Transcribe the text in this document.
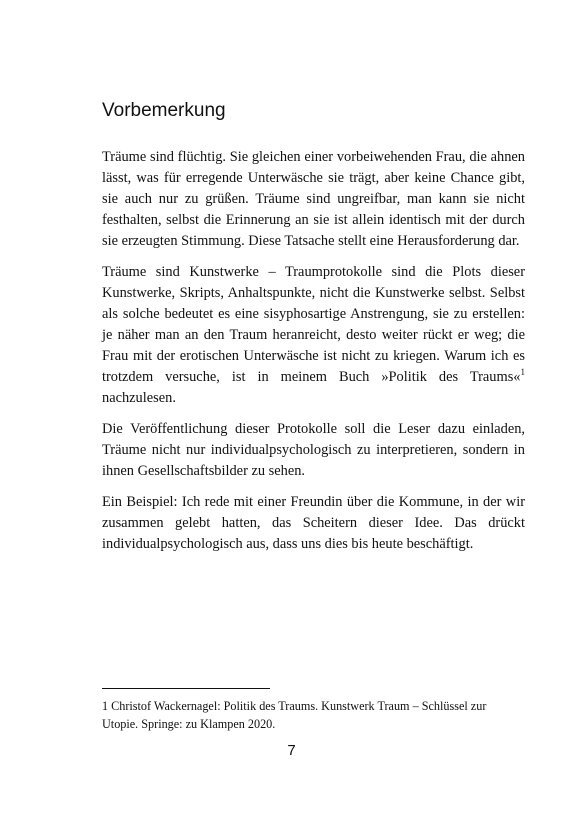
Vorbemerkung

Träume sind flüchtig. Sie gleichen einer vorbeiwehenden Frau, die ahnen lässt, was für erregende Unterwäsche sie trägt, aber keine Chance gibt, sie auch nur zu grüßen. Träume sind ungreifbar, man kann sie nicht festhalten, selbst die Erinnerung an sie ist allein identisch mit der durch sie erzeugten Stimmung. Diese Tatsache stellt eine Herausforderung dar.

Träume sind Kunstwerke – Traumprotokolle sind die Plots dieser Kunstwerke, Skripts, Anhaltspunkte, nicht die Kunstwerke selbst. Selbst als solche bedeutet es eine sisyphosartige Anstrengung, sie zu erstellen: je näher man an den Traum heranreicht, desto weiter rückt er weg; die Frau mit der erotischen Unterwäsche ist nicht zu kriegen. Warum ich es trotzdem versuche, ist in meinem Buch »Politik des Traums«$^1$ nachzulesen.

Die Veröffentlichung dieser Protokolle soll die Leser dazu einladen, Träume nicht nur individualpsychologisch zu interpretieren, sondern in ihnen Gesellschaftsbilder zu sehen.

Ein Beispiel: Ich rede mit einer Freundin über die Kommune, in der wir zusammen gelebt hatten, das Scheitern dieser Idee. Das drückt individualpsychologisch aus, dass uns dies bis heute beschäftigt.

1 Christof Wackernagel: Politik des Traums. Kunstwerk Traum – Schlüssel zur Utopie. Springe: zu Klampen 2020.

7
